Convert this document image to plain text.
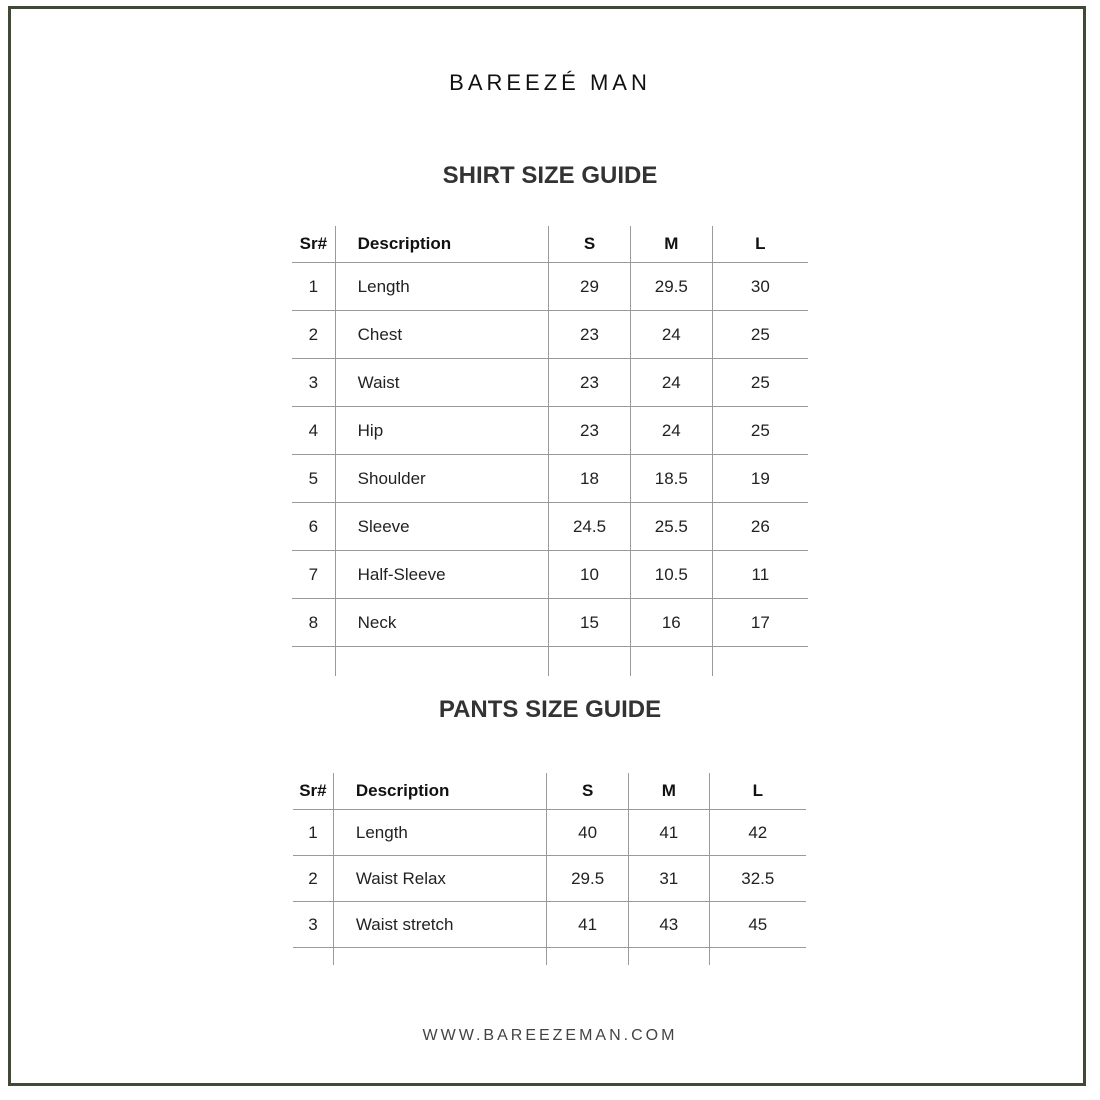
BAREEZÉ MAN
SHIRT SIZE GUIDE
Sr#	Description	S	M	L
1	Length	29	29.5	30
2	Chest	23	24	25
3	Waist	23	24	25
4	Hip	23	24	25
5	Shoulder	18	18.5	19
6	Sleeve	24.5	25.5	26
7	Half-Sleeve	10	10.5	11
8	Neck	15	16	17

PANTS SIZE GUIDE
Sr#	Description	S	M	L
1	Length	40	41	42
2	Waist Relax	29.5	31	32.5
3	Waist stretch	41	43	45

WWW.BAREEZEMAN.COM
